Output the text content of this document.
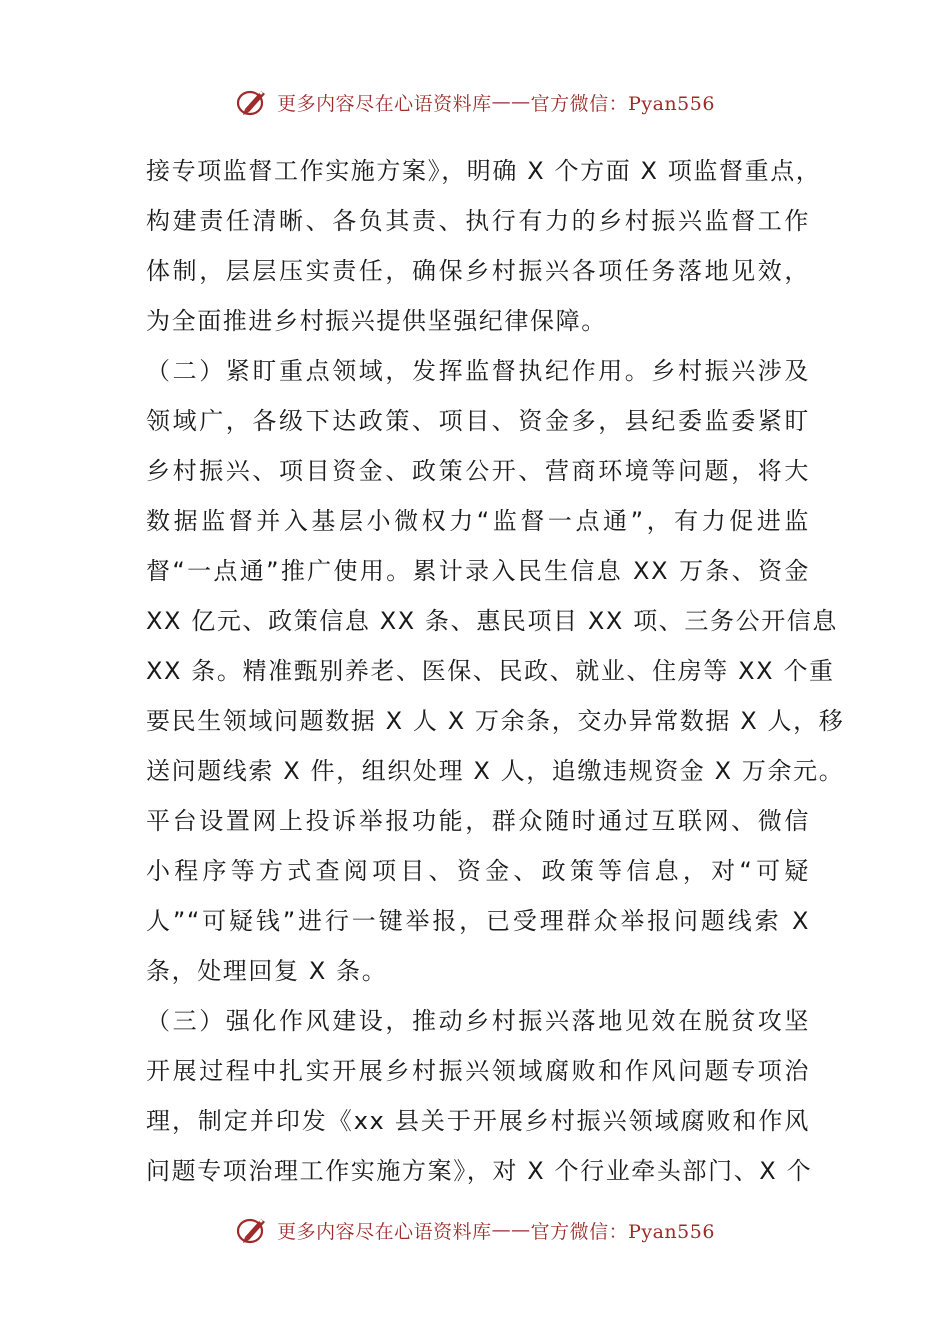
更多内容尽在心语资料库 —— 官方微信：Pyan556
接专项监督工作实施方案》，明确 X 个方面 X 项监督重点，
构建责任清晰、各负其责、执行有力的乡村振兴监督工作
体制，层层压实责任，确保乡村振兴各项任务落地见效，
为全面推进乡村振兴提供坚强纪律保障。
（二）紧盯重点领域，发挥监督执纪作用。乡村振兴涉及
领域广，各级下达政策、项目、资金多，县纪委监委紧盯
乡村振兴、项目资金、政策公开、营商环境等问题，将大
数据监督并入基层小微权力“监督一点通”，有力促进监
督“一点通”推广使用。累计录入民生信息 XX 万条、资金
XX 亿元、政策信息 XX 条、惠民项目 XX 项、三务公开信息
XX 条。精准甄别养老、医保、民政、就业、住房等 XX 个重
要民生领域问题数据 X 人 X 万余条，交办异常数据 X 人，移
送问题线索 X 件，组织处理 X 人，追缴违规资金 X 万余元。
平台设置网上投诉举报功能，群众随时通过互联网、微信
小程序等方式查阅项目、资金、政策等信息，对“可疑
人”“可疑钱”进行一键举报，已受理群众举报问题线索 X
条，处理回复 X 条。
（三）强化作风建设，推动乡村振兴落地见效在脱贫攻坚
开展过程中扎实开展乡村振兴领域腐败和作风问题专项治
理，制定并印发《xx 县关于开展乡村振兴领域腐败和作风
问题专项治理工作实施方案》，对 X 个行业牵头部门、X 个
更多内容尽在心语资料库 —— 官方微信：Pyan556
